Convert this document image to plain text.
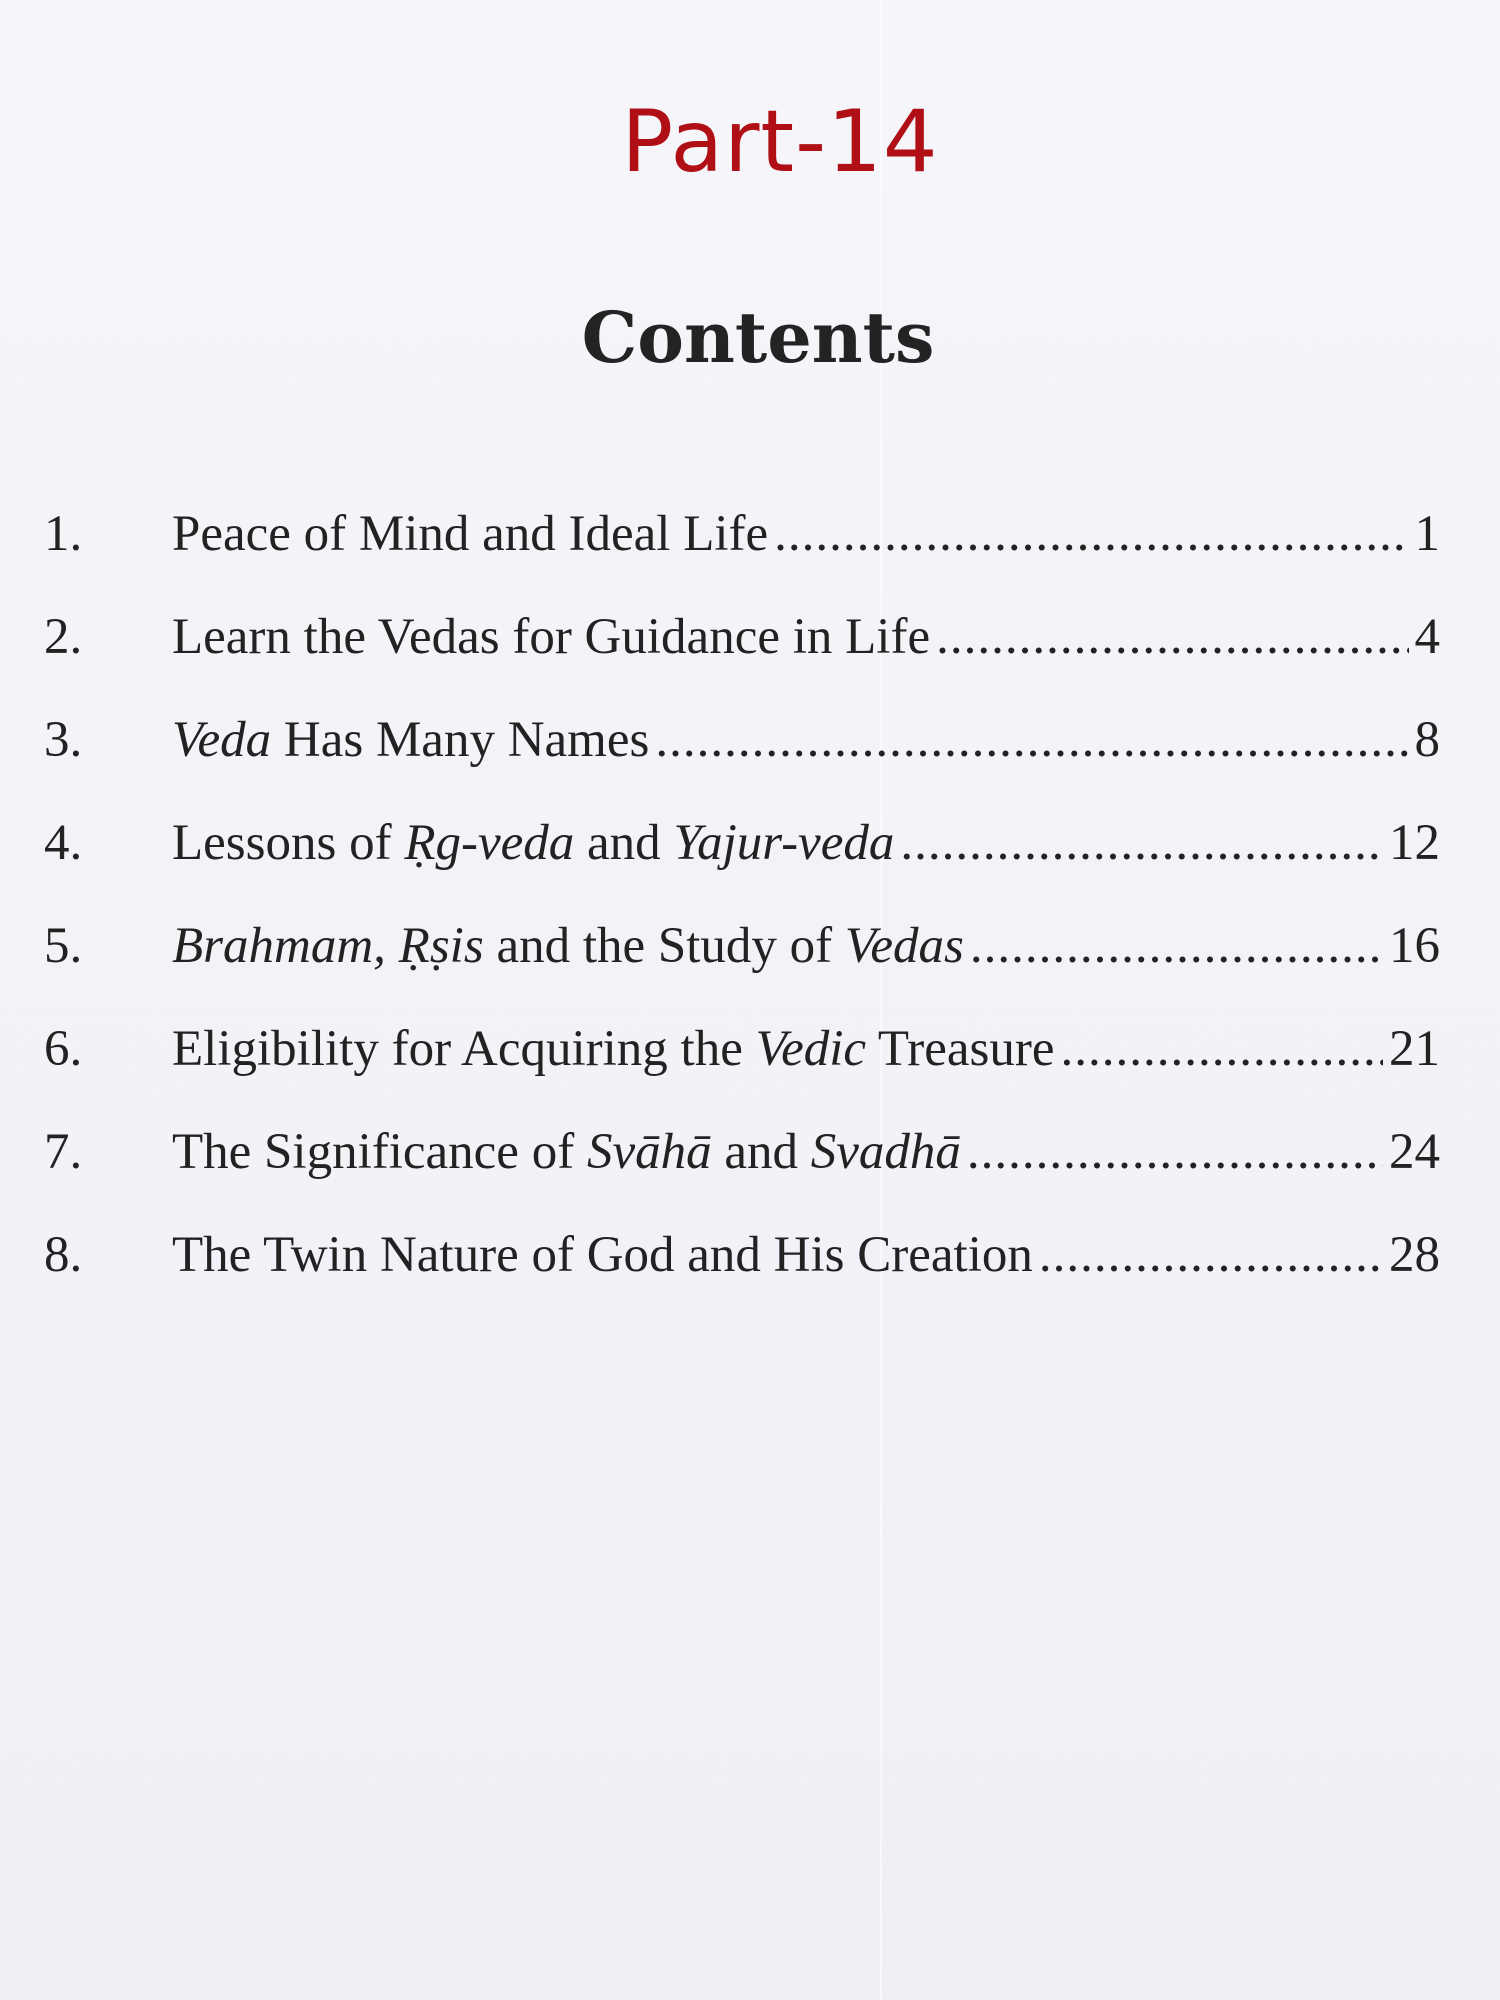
Part-14
Contents
1.	Peace of Mind and Ideal Life .....	1
2.	Learn the Vedas for Guidance in Life .....	4
3.	Veda Has Many Names .....	8
4.	Lessons of Ṛg-veda and Yajur-veda .....	12
5.	Brahmam, Ṛṣis and the Study of Vedas .....	16
6.	Eligibility for Acquiring the Vedic Treasure .....	21
7.	The Significance of Svāhā and Svadhā .....	24
8.	The Twin Nature of God and His Creation .....	28
